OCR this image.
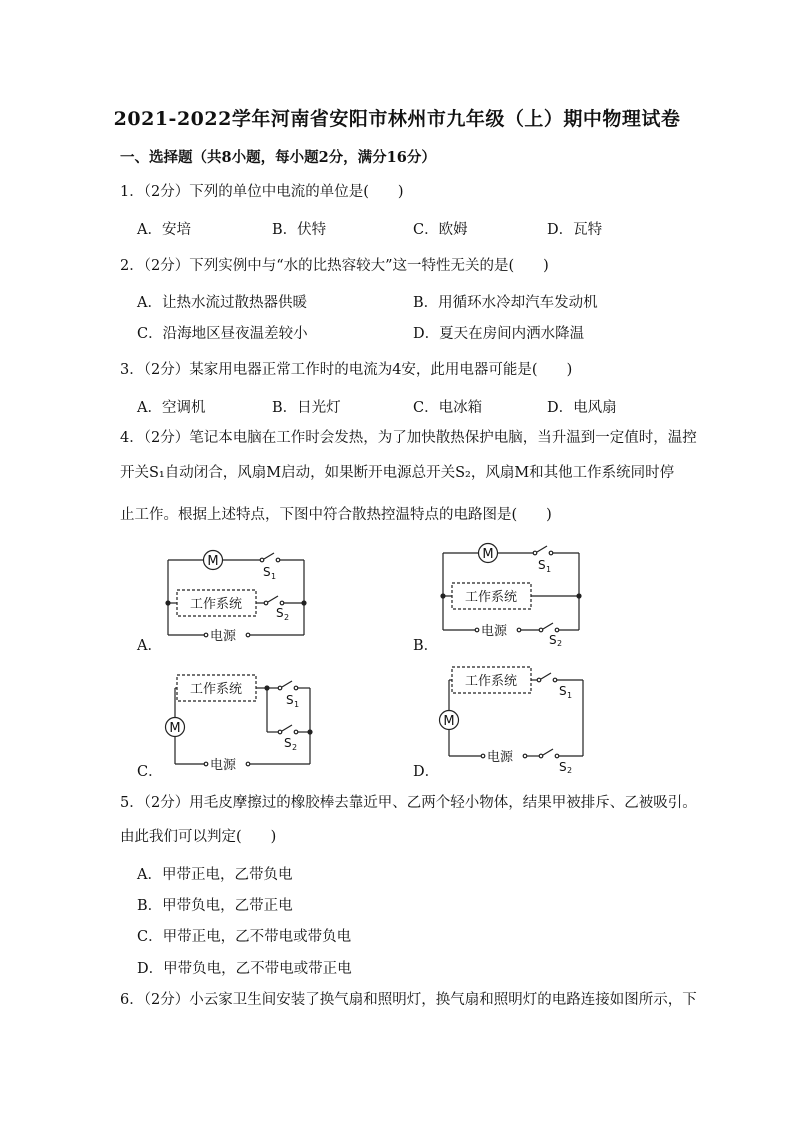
2021-2022学年河南省安阳市林州市九年级（上）期中物理试卷
一、选择题（共8小题，每小题2分，满分16分）
1．（2分）下列的单位中电流的单位是(　　)
A．安培	B．伏特	C．欧姆	D．瓦特
2．（2分）下列实例中与“水的比热容较大”这一特性无关的是(　　)
A．让热水流过散热器供暖	B．用循环水冷却汽车发动机
C．沿海地区昼夜温差较小	D．夏天在房间内洒水降温
3．（2分）某家用电器正常工作时的电流为4安，此用电器可能是(　　)
A．空调机	B．日光灯	C．电冰箱	D．电风扇
4．（2分）笔记本电脑在工作时会发热，为了加快散热保护电脑，当升温到一定值时，温控
开关S₁自动闭合，风扇M启动，如果断开电源总开关S₂，风扇M和其他工作系统同时停
止工作。根据上述特点，下图中符合散热控温特点的电路图是(　　)
M
S 1
工作系统
S 2
电源
A．
M
S 1
工作系统
电源
S 2
B．
工作系统
M
S 1
S 2
电源
C．
工作系统
M
S 1
电源
S 2
D．
5．（2分）用毛皮摩擦过的橡胶棒去靠近甲、乙两个轻小物体，结果甲被排斥、乙被吸引。
由此我们可以判定(　　)
A．甲带正电，乙带负电
B．甲带负电，乙带正电
C．甲带正电，乙不带电或带负电
D．甲带负电，乙不带电或带正电
6．（2分）小云家卫生间安装了换气扇和照明灯，换气扇和照明灯的电路连接如图所示，下
